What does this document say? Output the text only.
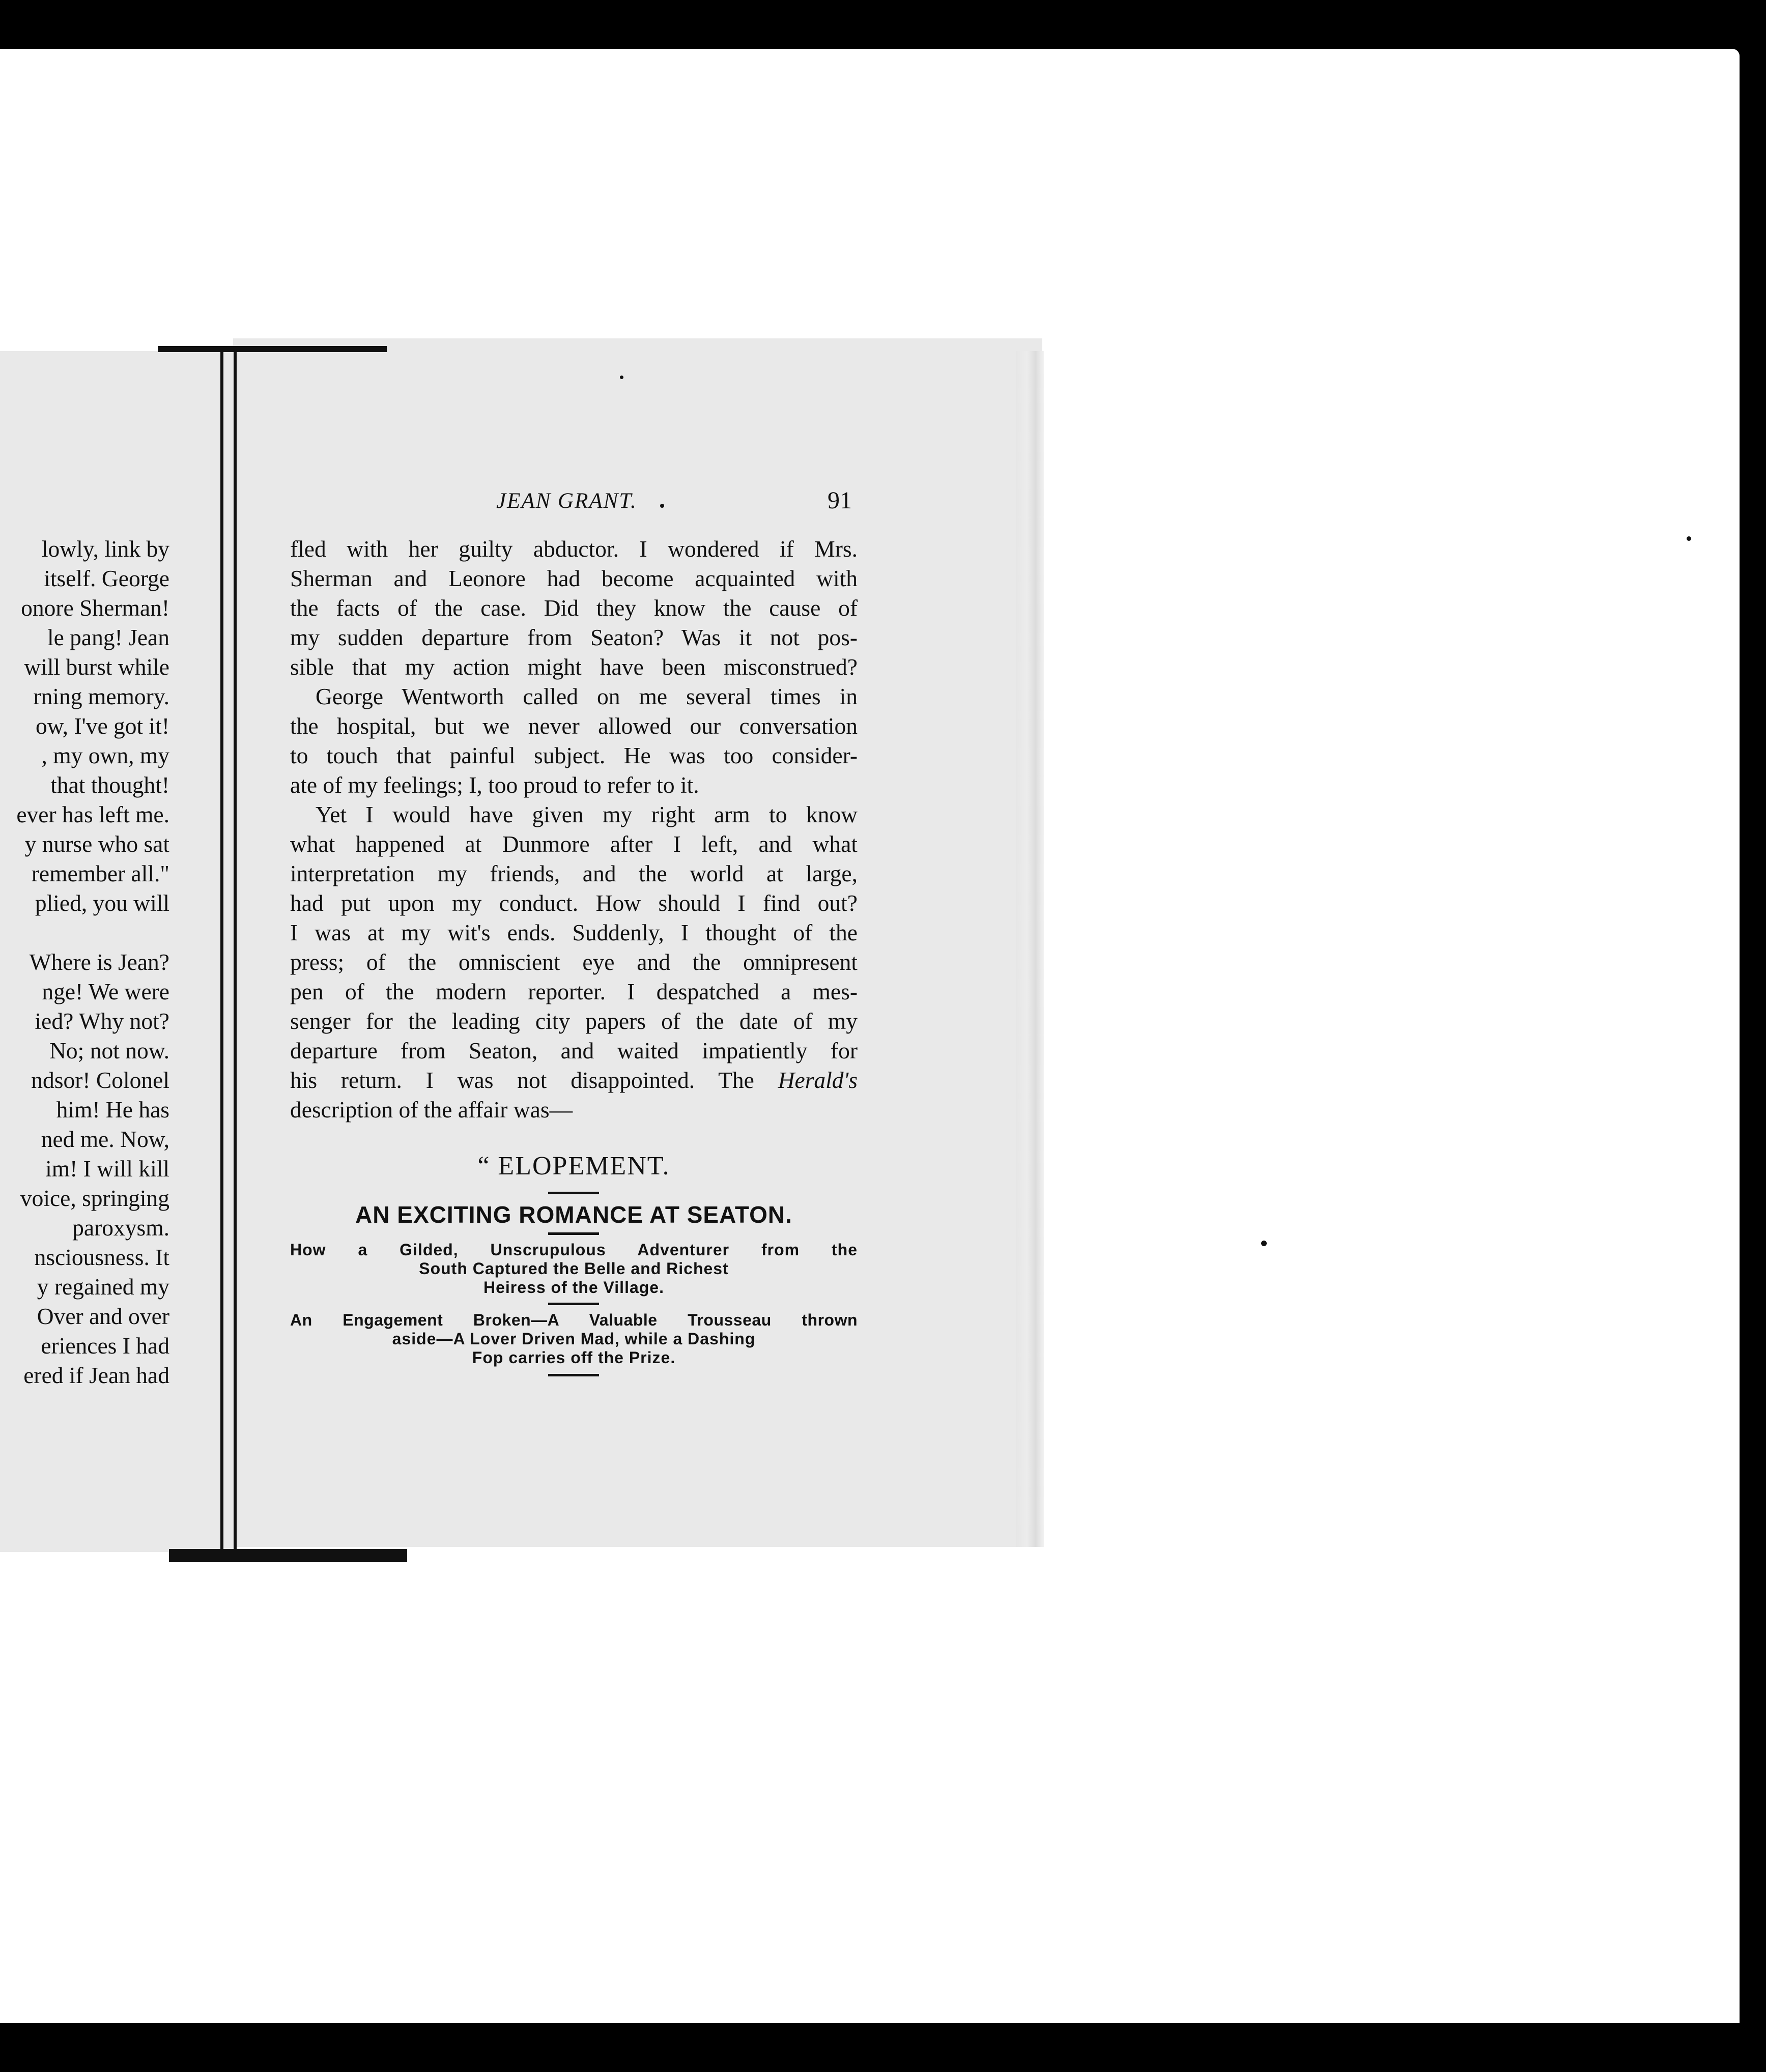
lowly, link by
itself. George
onore Sherman!
le pang! Jean
will burst while
rning memory.
ow, I've got it!
, my own, my
that thought!
ever has left me.
y nurse who sat
remember all."
plied, you will
Where is Jean?
nge! We were
ied? Why not?
No; not now.
ndsor! Colonel
him! He has
ned me. Now,
im! I will kill
voice, springing
paroxysm.
nsciousness. It
y regained my
Over and over
eriences I had
ered if Jean had
JEAN GRANT.	91
fled with her guilty abductor. I wondered if Mrs.
Sherman and Leonore had become acquainted with
the facts of the case. Did they know the cause of
my sudden departure from Seaton? Was it not pos-
sible that my action might have been misconstrued?
George Wentworth called on me several times in
the hospital, but we never allowed our conversation
to touch that painful subject. He was too consider-
ate of my feelings; I, too proud to refer to it.
Yet I would have given my right arm to know
what happened at Dunmore after I left, and what
interpretation my friends, and the world at large,
had put upon my conduct. How should I find out?
I was at my wit's ends. Suddenly, I thought of the
press; of the omniscient eye and the omnipresent
pen of the modern reporter. I despatched a mes-
senger for the leading city papers of the date of my
departure from Seaton, and waited impatiently for
his return. I was not disappointed. The Herald's
description of the affair was—
“ ELOPEMENT.
AN EXCITING ROMANCE AT SEATON.
How a Gilded, Unscrupulous Adventurer from the
South Captured the Belle and Richest
Heiress of the Village.
An Engagement Broken—A Valuable Trousseau thrown
aside—A Lover Driven Mad, while a Dashing
Fop carries off the Prize.
